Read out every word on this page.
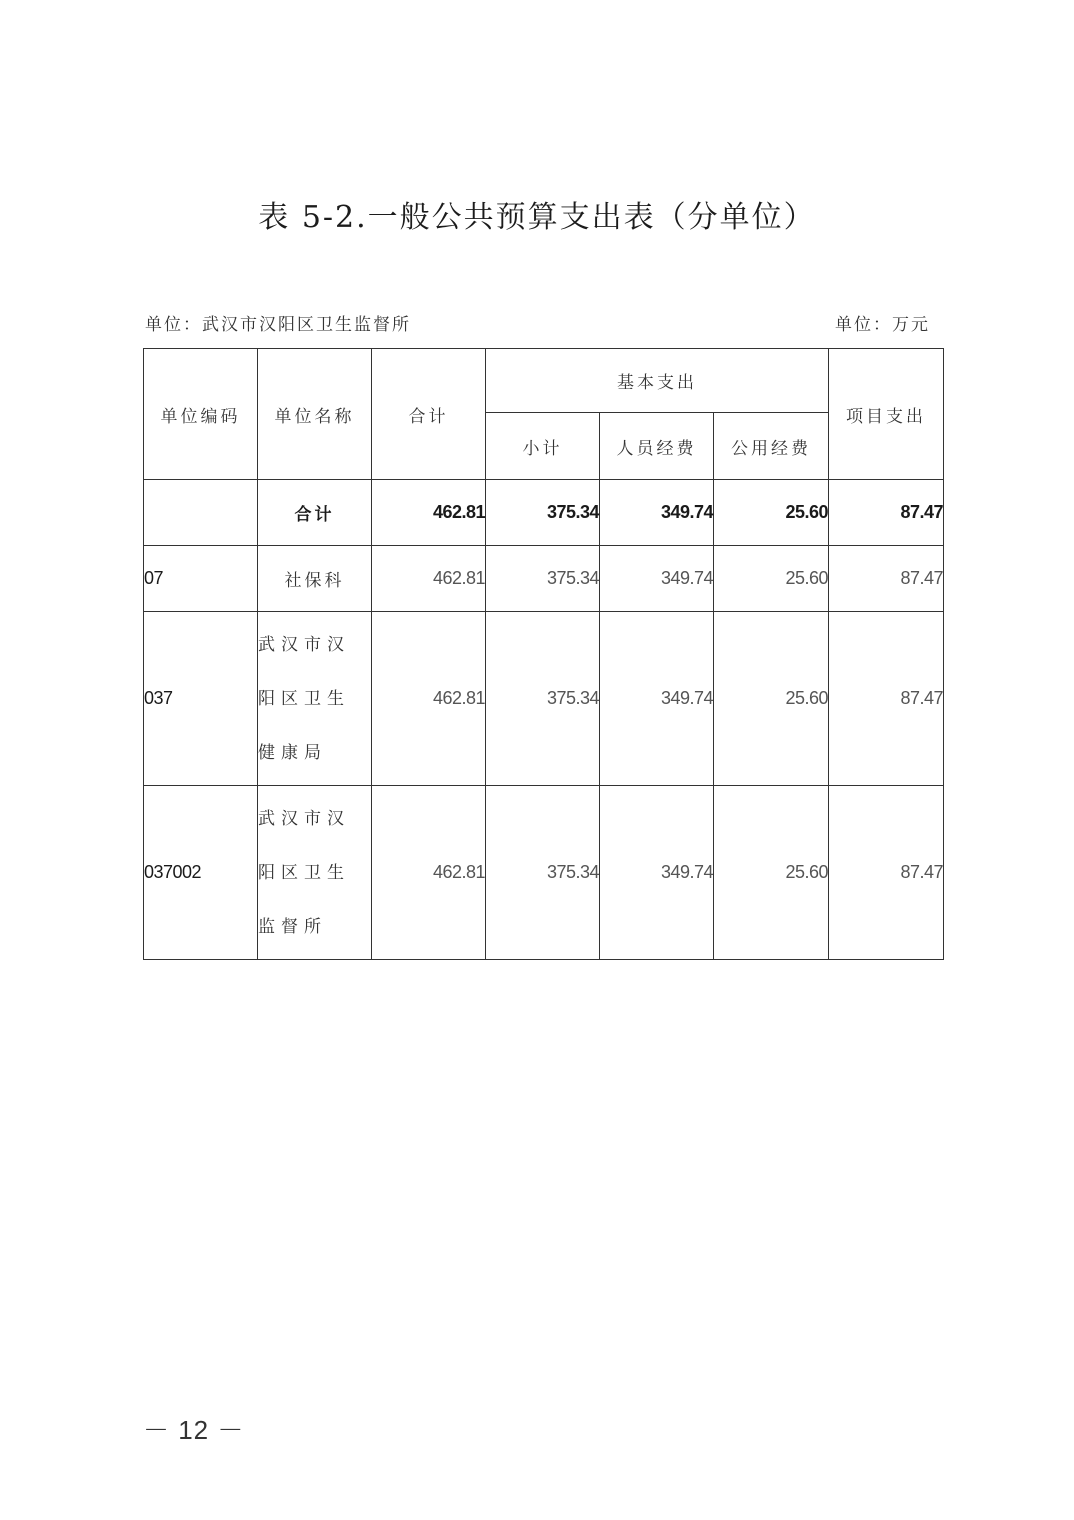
表 5-2.一般公共预算支出表（分单位）
单位：武汉市汉阳区卫生监督所	单位：万元
单位编码	单位名称	合计	基本支出			项目支出
			小计	人员经费	公用经费	
	合计	462.81	375.34	349.74	25.60	87.47
07	社保科	462.81	375.34	349.74	25.60	87.47
037	武汉市汉阳区卫生健康局	462.81	375.34	349.74	25.60	87.47
037002	武汉市汉阳区卫生监督所	462.81	375.34	349.74	25.60	87.47
－ 12 －
